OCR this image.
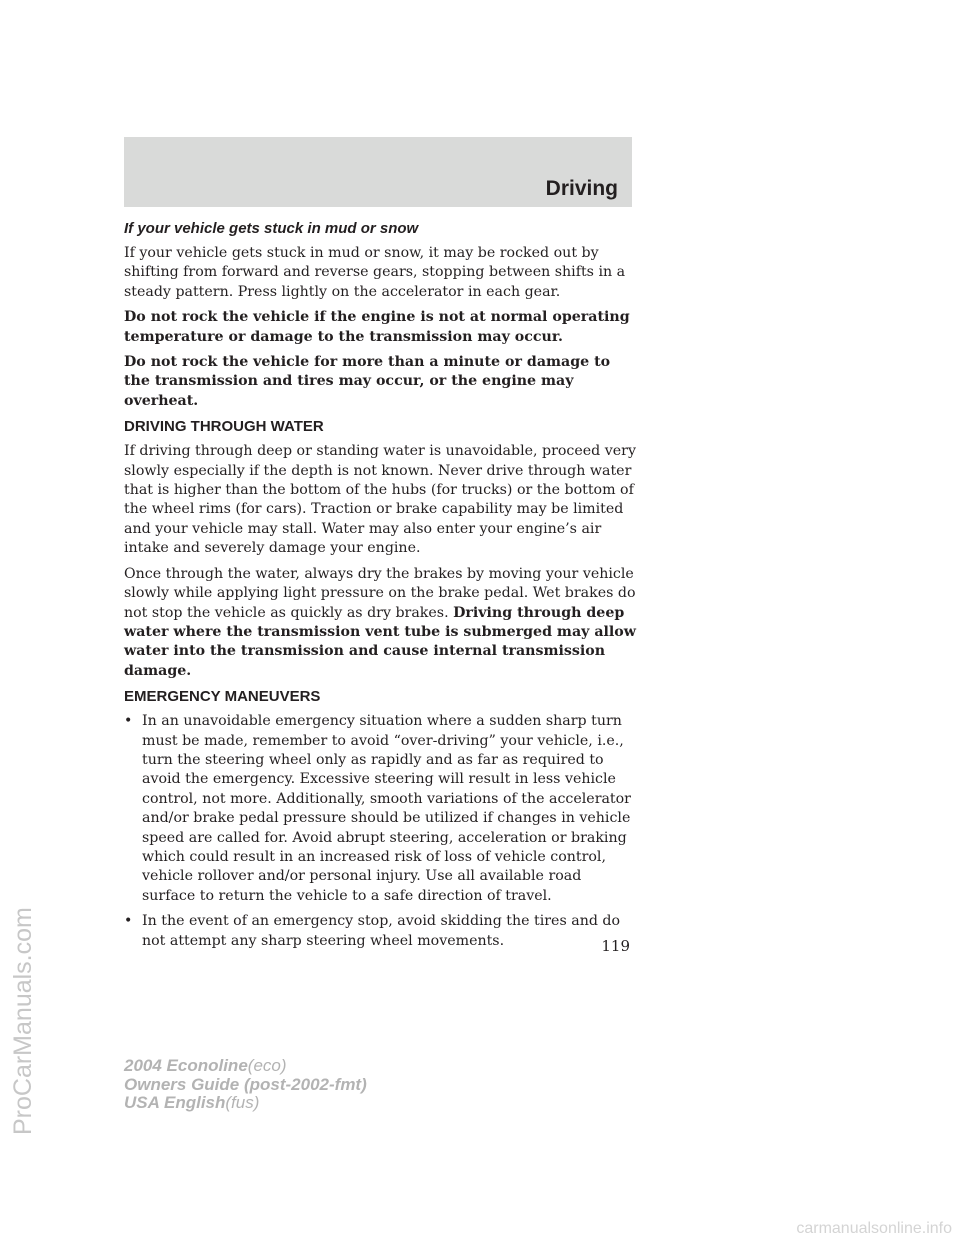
Driving

If your vehicle gets stuck in mud or snow

If your vehicle gets stuck in mud or snow, it may be rocked out by shifting from forward and reverse gears, stopping between shifts in a steady pattern. Press lightly on the accelerator in each gear.

Do not rock the vehicle if the engine is not at normal operating temperature or damage to the transmission may occur.

Do not rock the vehicle for more than a minute or damage to the transmission and tires may occur, or the engine may overheat.

DRIVING THROUGH WATER

If driving through deep or standing water is unavoidable, proceed very slowly especially if the depth is not known. Never drive through water that is higher than the bottom of the hubs (for trucks) or the bottom of the wheel rims (for cars). Traction or brake capability may be limited and your vehicle may stall. Water may also enter your engine’s air intake and severely damage your engine.

Once through the water, always dry the brakes by moving your vehicle slowly while applying light pressure on the brake pedal. Wet brakes do not stop the vehicle as quickly as dry brakes. Driving through deep water where the transmission vent tube is submerged may allow water into the transmission and cause internal transmission damage.

EMERGENCY MANEUVERS

• In an unavoidable emergency situation where a sudden sharp turn must be made, remember to avoid “over-driving” your vehicle, i.e., turn the steering wheel only as rapidly and as far as required to avoid the emergency. Excessive steering will result in less vehicle control, not more. Additionally, smooth variations of the accelerator and/or brake pedal pressure should be utilized if changes in vehicle speed are called for. Avoid abrupt steering, acceleration or braking which could result in an increased risk of loss of vehicle control, vehicle rollover and/or personal injury. Use all available road surface to return the vehicle to a safe direction of travel.
• In the event of an emergency stop, avoid skidding the tires and do not attempt any sharp steering wheel movements.	119
2004 Econoline(eco)
Owners Guide (post-2002-fmt)
USA English(fus)
ProCarManuals.com
carmanualsonline.info
